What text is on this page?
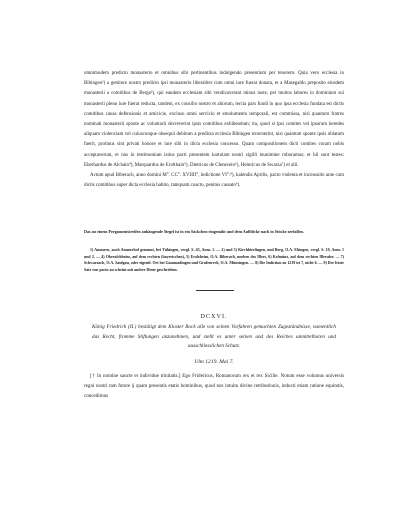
omnimodem predicto monasterio et omnibus sibi pertinentibus indulgendo presentium per tenorem. Quia vero ecclesia in Bibingen²) a genitore nostro predicto ipsi monasterio liberaliter cum omni iure fuerat donata, et a Masegaldo preposito eiusdem monasterii a comitibus de Berga³), qui eandem ecclesiam sibi vendicaverant minus iuste, per multos labores in dominium sui monasterii pleno iure fuerat reducta, tandem, ex consilio nostro et aliorum, terciа pars fundi in quo ipsa ecclesia fundata est dictis comitibus causa defensionis et amicicie, excluso omni servicio et emolumento temporali, est commissa, nisi quantum fratres nominati monasterii sponte ac voluntarii decreverint ipsis comitibus exhibendum; ita, quod si ipsi comites vel ipsorum heredes aliquam violenciam vel cuiuscunque obsequii debitum a predicta ecclesia Bibingen extorserint, nisi quantum sponte ipsis oblatum fuerit, protinus sint privati honore et iure sibi in dicta ecclesia concesso. Quam compositionem dicti comites coram nobis acceptaverunt, et nos in testimonium istius pacti presentem kartulam nostri sigilli munimine roboramus; et hii sunt testes: Eberhardus de Alchain⁴), Marquardus de Erolthain⁵), Dietricus de Clenecein⁶), Heinricus de Swarza⁷) et alii.

Actum apud Biberach, anno domini M°. CC°. XVIIII°, indictione VI°.⁸), kalendis Aprilis, pacto violenta et inconsulto ante cum dictis comitibus super dicta ecclesia habito, tamquam coacto, penitus cassato⁹).

Das an einem Pergamentstreifen anhängende Siegel ist in ein Säckchen eingenäht und dem Aufblicke nach in Stücke zerfallen.

1) Ammern, auch Ammerhof genannt, bei Tübingen, vergl. S. 43, Anm. 1. — 2) und 3) Kirchbierlingen, und Berg, O.A. Ehingen, vergl. S. 19, Anm. 1 und 2. — 4) Oberalchheim, auf dem rechten (bayerischen), 5) Erolzheim, O.A. Biberach, nneben des Illers, 6) Kelmünz, auf dem rechten Illerufer. — 7) Schwarzach, O.A. Saulgau, oder eigentl. Ort bei Gammadingen und Grafenreck, O.A. Münsingen. — 8) Die Indiction zu 1219 ist 7, nicht 6. — 9) Der letzte Satz von pacto an scheint mit andrer Dinte geschrieben.

DCXVI.
König Friedrich (II.) bestätigt dem Kloster Rock alle von seinen Vorfahren gemachten Zugeständnisse, namentlich das Recht, fromme Stiftungen anzunehmen, und stellt es unter seinen und des Reiches unmittelbaren und ausschliesslichen Schutz.
Ulm 1219. Mai 7.

[† In nomine sancte et individue trinitatis.] Ego Fridericus, Romanorum rex et rex Sicilie. Notum esse volumus universis regni nostri tam future § quam presentis etatis hominibus, quod nos intuitu divine retributionis, inducti etiam ratione equitatis, concedimus
